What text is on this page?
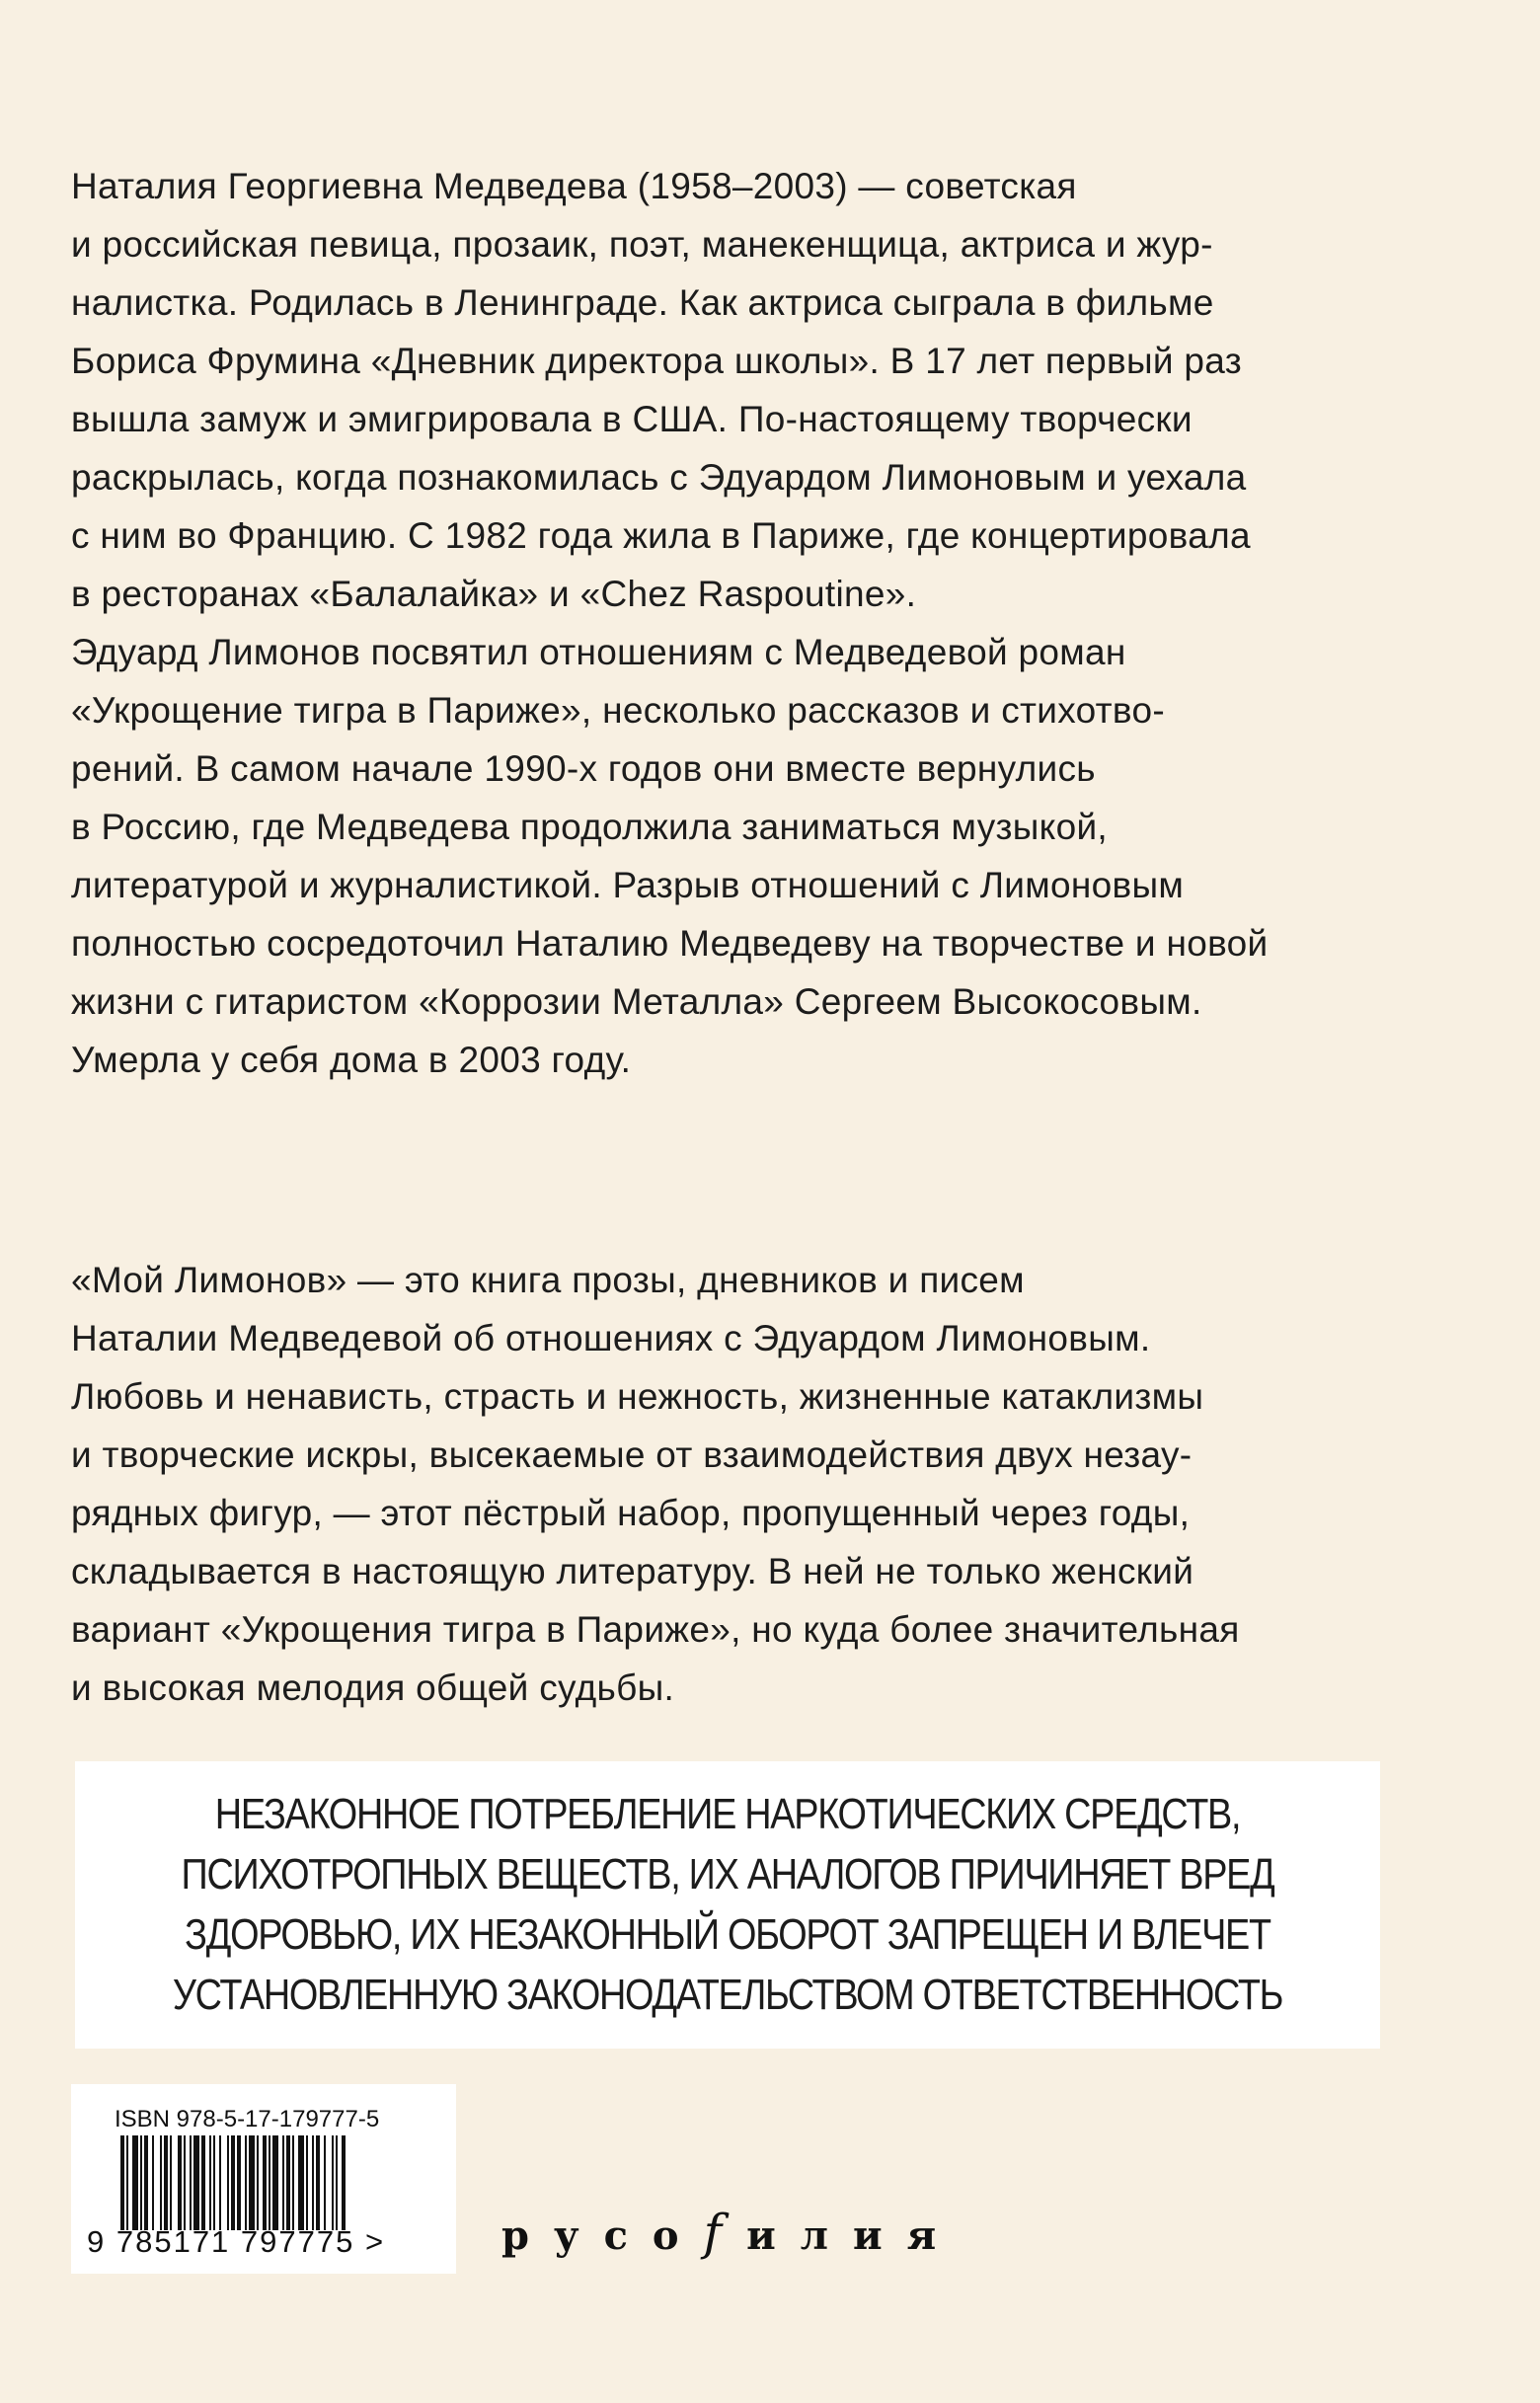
Наталия Георгиевна Медведева (1958–2003) — советская
и российская певица, прозаик, поэт, манекенщица, актриса и жур-
налистка. Родилась в Ленинграде. Как актриса сыграла в фильме
Бориса Фрумина «Дневник директора школы». В 17 лет первый раз
вышла замуж и эмигрировала в США. По-настоящему творчески
раскрылась, когда познакомилась с Эдуардом Лимоновым и уехала
с ним во Францию. С 1982 года жила в Париже, где концертировала
в ресторанах «Балалайка» и «Chez Raspoutine».
Эдуард Лимонов посвятил отношениям с Медведевой роман
«Укрощение тигра в Париже», несколько рассказов и стихотво-
рений. В самом начале 1990-х годов они вместе вернулись
в Россию, где Медведева продолжила заниматься музыкой,
литературой и журналистикой. Разрыв отношений с Лимоновым
полностью сосредоточил Наталию Медведеву на творчестве и новой
жизни с гитаристом «Коррозии Металла» Сергеем Высокосовым.
Умерла у себя дома в 2003 году.
«Мой Лимонов» — это книга прозы, дневников и писем
Наталии Медведевой об отношениях с Эдуардом Лимоновым.
Любовь и ненависть, страсть и нежность, жизненные катаклизмы
и творческие искры, высекаемые от взаимодействия двух незау-
рядных фигур, — этот пёстрый набор, пропущенный через годы,
складывается в настоящую литературу. В ней не только женский
вариант «Укрощения тигра в Париже», но куда более значительная
и высокая мелодия общей судьбы.
НЕЗАКОННОЕ ПОТРЕБЛЕНИЕ НАРКОТИЧЕСКИХ СРЕДСТВ,
ПСИХОТРОПНЫХ ВЕЩЕСТВ, ИХ АНАЛОГОВ ПРИЧИНЯЕТ ВРЕД
ЗДОРОВЬЮ, ИХ НЕЗАКОННЫЙ ОБОРОТ ЗАПРЕЩЕН И ВЛЕЧЕТ
УСТАНОВЛЕННУЮ ЗАКОНОДАТЕЛЬСТВОМ ОТВЕТСТВЕННОСТЬ
ISBN 978-5-17-179777-5
9 785171 797775 >	русоfилия
